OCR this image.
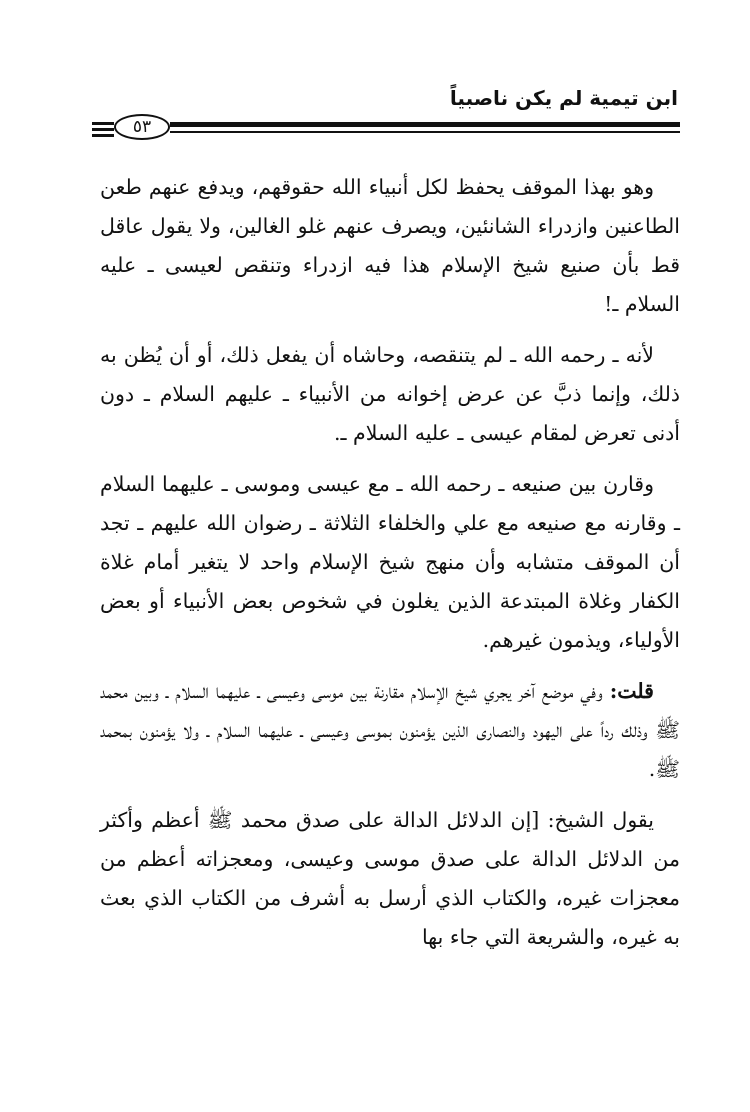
ابن تيمية لم يكن ناصبياً
٥٣

وهو بهذا الموقف يحفظ لكل أنبياء الله حقوقهم، ويدفع عنهم طعن الطاعنين وازدراء الشانئين، ويصرف عنهم غلو الغالين، ولا يقول عاقل قط بأن صنيع شيخ الإسلام هذا فيه ازدراء وتنقص لعيسى ـ عليه السلام ـ!

لأنه ـ رحمه الله ـ لم يتنقصه، وحاشاه أن يفعل ذلك، أو أن يُظن به ذلك، وإنما ذبَّ عن عرض إخوانه من الأنبياء ـ عليهم السلام ـ دون أدنى تعرض لمقام عيسى ـ عليه السلام ـ.

وقارن بين صنيعه ـ رحمه الله ـ مع عيسى وموسى ـ عليهما السلام ـ وقارنه مع صنيعه مع علي والخلفاء الثلاثة ـ رضوان الله عليهم ـ تجد أن الموقف متشابه وأن منهج شيخ الإسلام واحد لا يتغير أمام غلاة الكفار وغلاة المبتدعة الذين يغلون في شخوص بعض الأنبياء أو بعض الأولياء، ويذمون غيرهم.

قلت: وفي موضع آخر يجري شيخ الإسلام مقارنة بين موسى وعيسى ـ عليهما السلام ـ وبين محمد ﷺ وذلك رداً على اليهود والنصارى الذين يؤمنون بموسى وعيسى ـ عليهما السلام ـ ولا يؤمنون بمحمد ﷺ.

يقول الشيخ: [إن الدلائل الدالة على صدق محمد ﷺ أعظم وأكثر من الدلائل الدالة على صدق موسى وعيسى، ومعجزاته أعظم من معجزات غيره، والكتاب الذي أرسل به أشرف من الكتاب الذي بعث به غيره، والشريعة التي جاء بها
